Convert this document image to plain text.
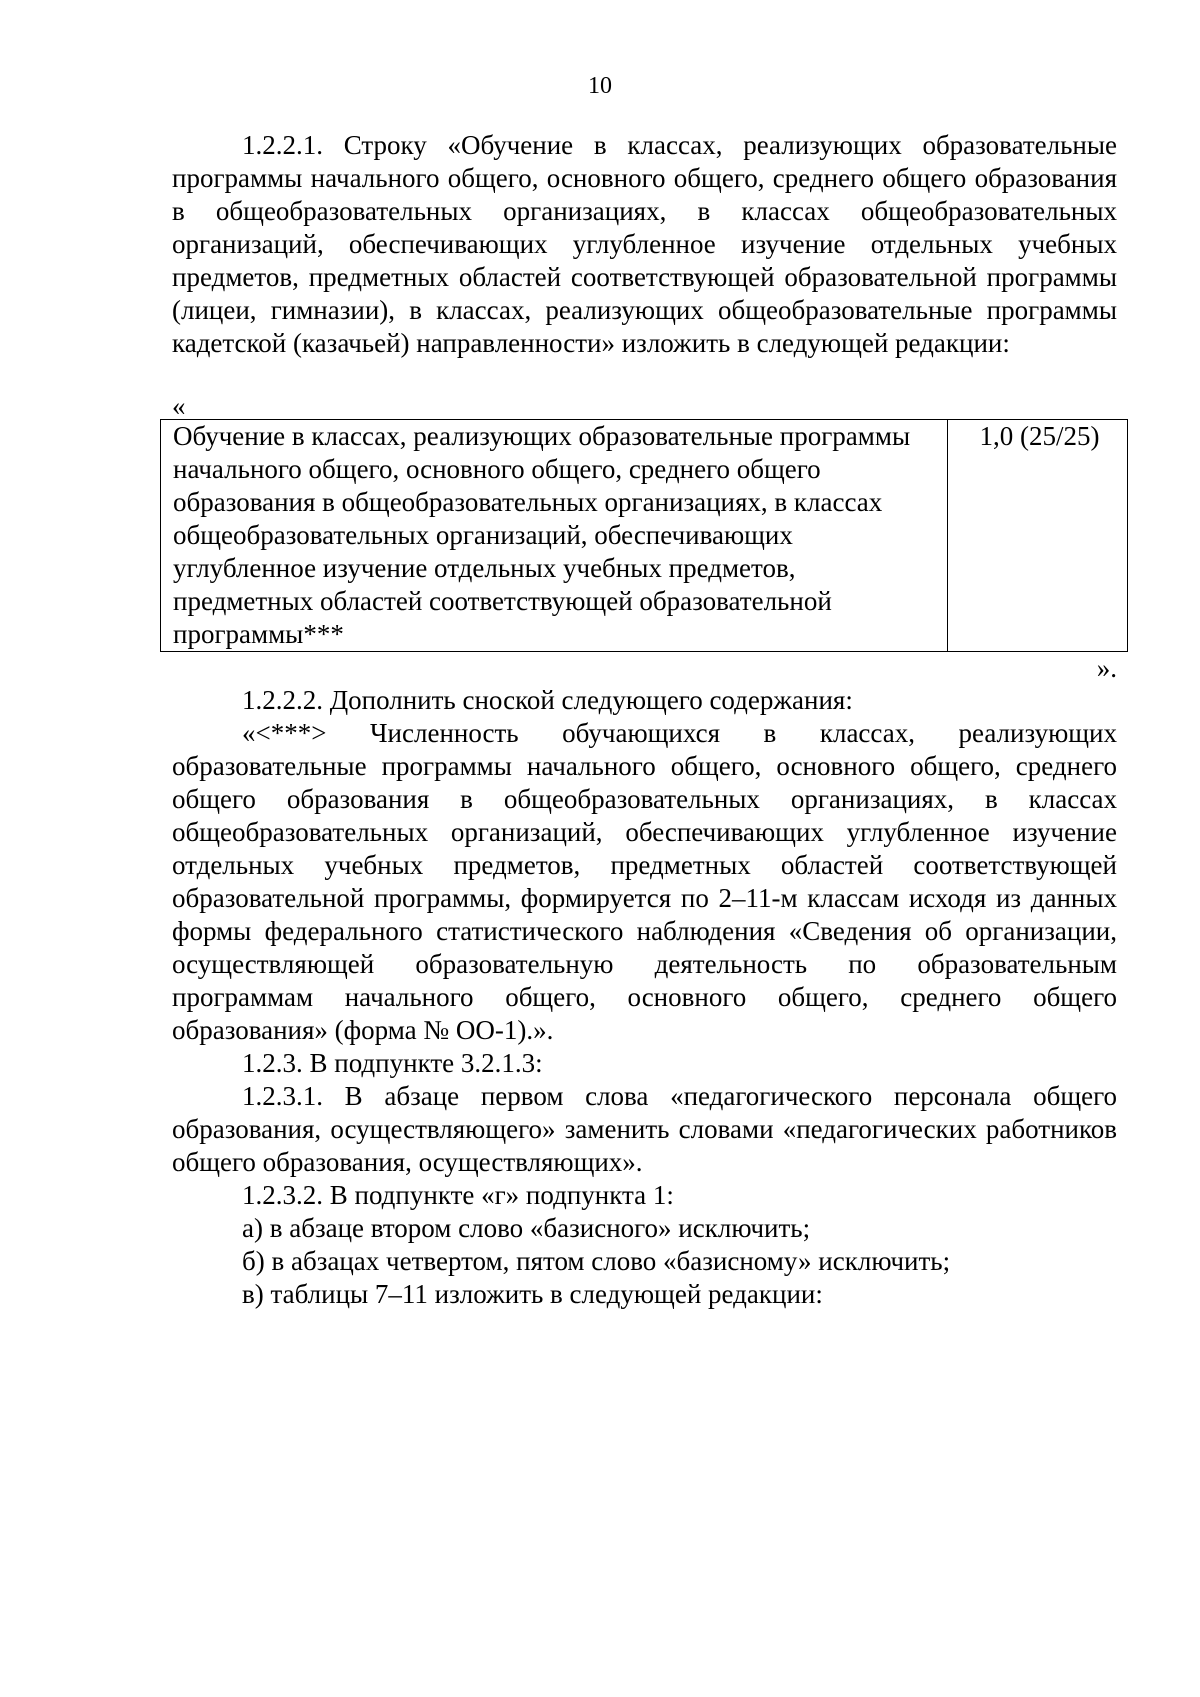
10

1.2.2.1. Строку «Обучение в классах, реализующих образовательные программы начального общего, основного общего, среднего общего образования в общеобразовательных организациях, в классах общеобразовательных организаций, обеспечивающих углубленное изучение отдельных учебных предметов, предметных областей соответствующей образовательной программы (лицеи, гимназии), в классах, реализующих общеобразовательные программы кадетской (казачьей) направленности» изложить в следующей редакции:

«
Обучение в классах, реализующих образовательные программы начального общего, основного общего, среднего общего образования в общеобразовательных организациях, в классах общеобразовательных организаций, обеспечивающих углубленное изучение отдельных учебных предметов, предметных областей соответствующей образовательной программы***	1,0 (25/25)
».

1.2.2.2. Дополнить сноской следующего содержания:

«<***> Численность обучающихся в классах, реализующих образовательные программы начального общего, основного общего, среднего общего образования в общеобразовательных организациях, в классах общеобразовательных организаций, обеспечивающих углубленное изучение отдельных учебных предметов, предметных областей соответствующей образовательной программы, формируется по 2–11-м классам исходя из данных формы федерального статистического наблюдения «Сведения об организации, осуществляющей образовательную деятельность по образовательным программам начального общего, основного общего, среднего общего образования» (форма № ОО-1).».

1.2.3. В подпункте 3.2.1.3:

1.2.3.1. В абзаце первом слова «педагогического персонала общего образования, осуществляющего» заменить словами «педагогических работников общего образования, осуществляющих».

1.2.3.2. В подпункте «г» подпункта 1:

а) в абзаце втором слово «базисного» исключить;

б) в абзацах четвертом, пятом слово «базисному» исключить;

в) таблицы 7–11 изложить в следующей редакции:
